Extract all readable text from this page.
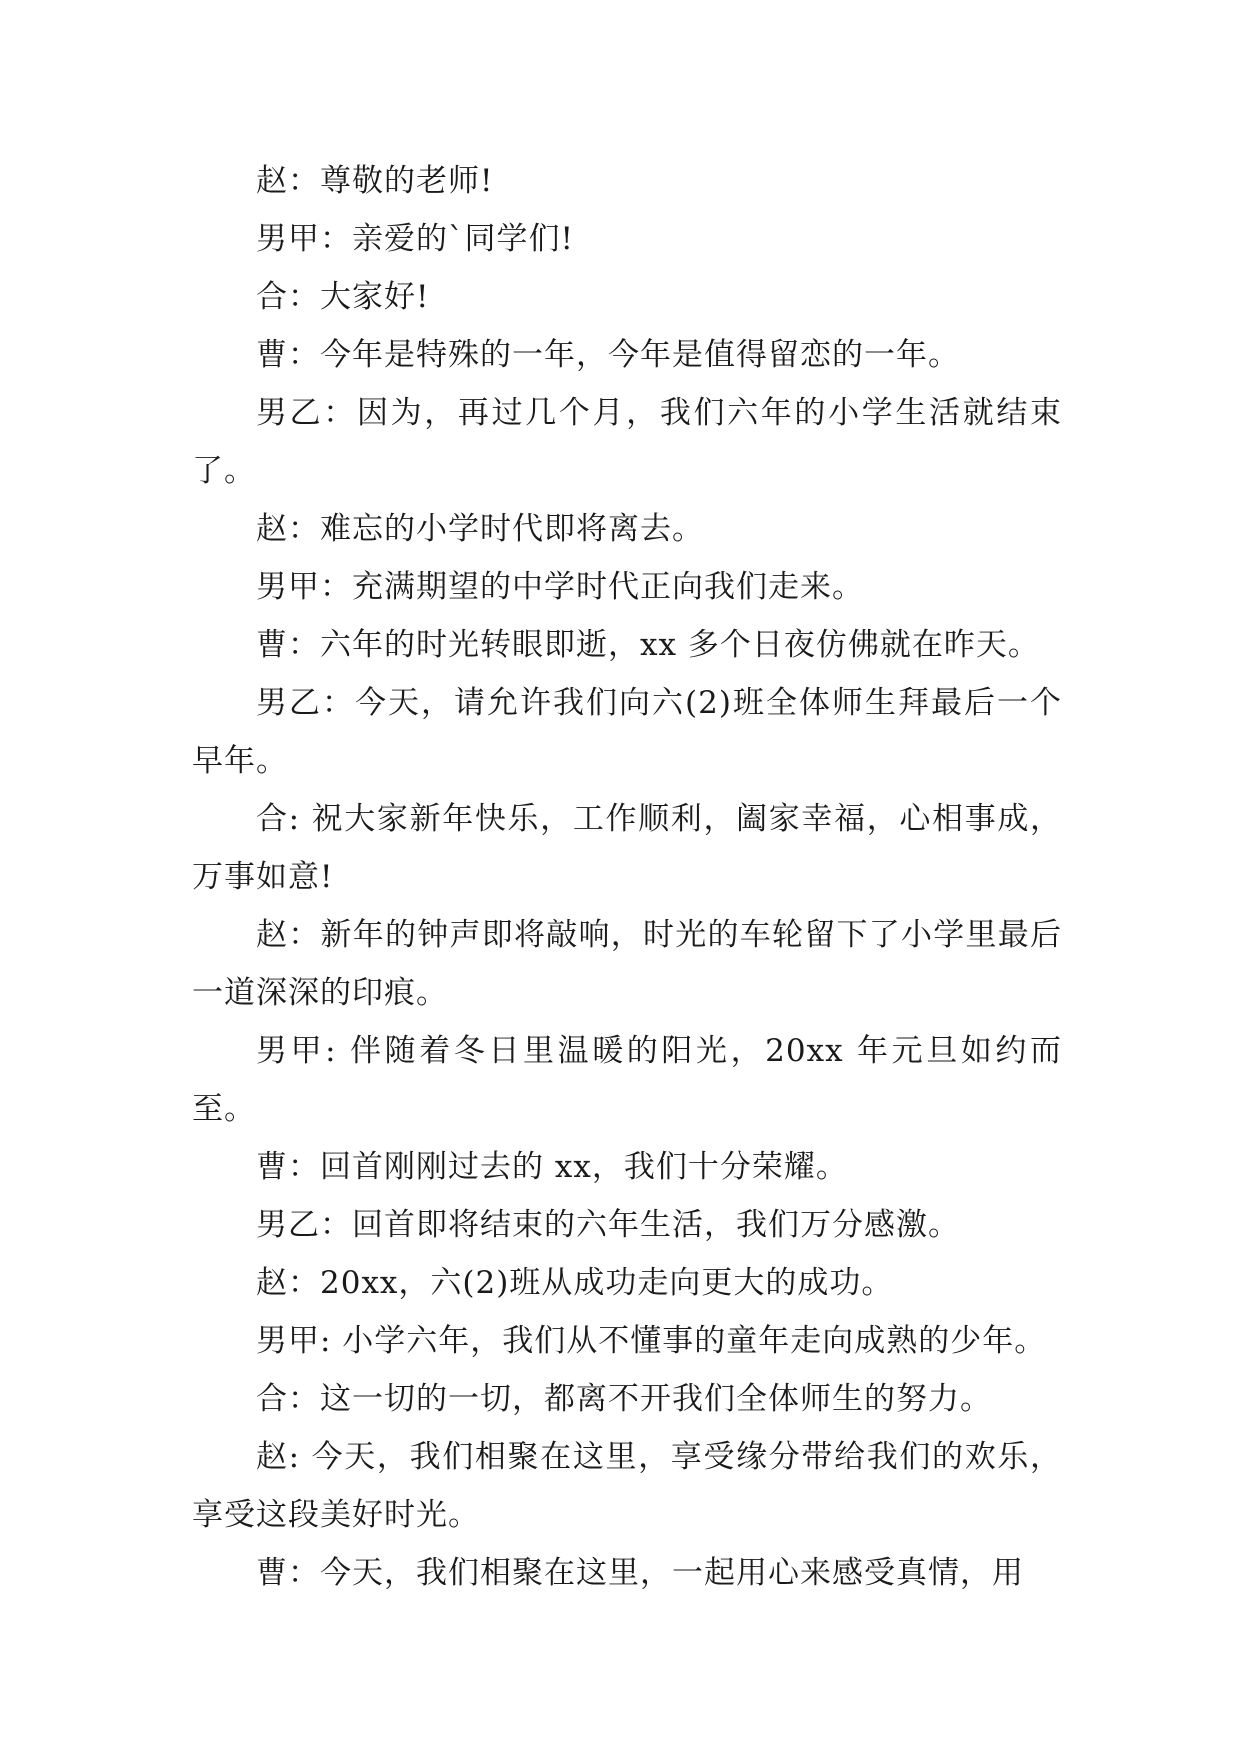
赵：尊敬的老师!

男甲：亲爱的`同学们!

合：大家好!

曹：今年是特殊的一年，今年是值得留恋的一年。

男乙：因为，再过几个月，我们六年的小学生活就结束了。

赵：难忘的小学时代即将离去。

男甲：充满期望的中学时代正向我们走来。

曹：六年的时光转眼即逝，xx 多个日夜仿佛就在昨天。

男乙：今天，请允许我们向六(2)班全体师生拜最后一个早年。

合: 祝大家新年快乐，工作顺利，阖家幸福，心相事成，万事如意!

赵：新年的钟声即将敲响，时光的车轮留下了小学里最后一道深深的印痕。

男甲: 伴随着冬日里温暖的阳光，20xx 年元旦如约而至。

曹：回首刚刚过去的 xx，我们十分荣耀。

男乙：回首即将结束的六年生活，我们万分感激。

赵：20xx，六(2)班从成功走向更大的成功。

男甲: 小学六年，我们从不懂事的童年走向成熟的少年。

合：这一切的一切，都离不开我们全体师生的努力。

赵: 今天，我们相聚在这里，享受缘分带给我们的欢乐，享受这段美好时光。

曹：今天，我们相聚在这里，一起用心来感受真情，用
